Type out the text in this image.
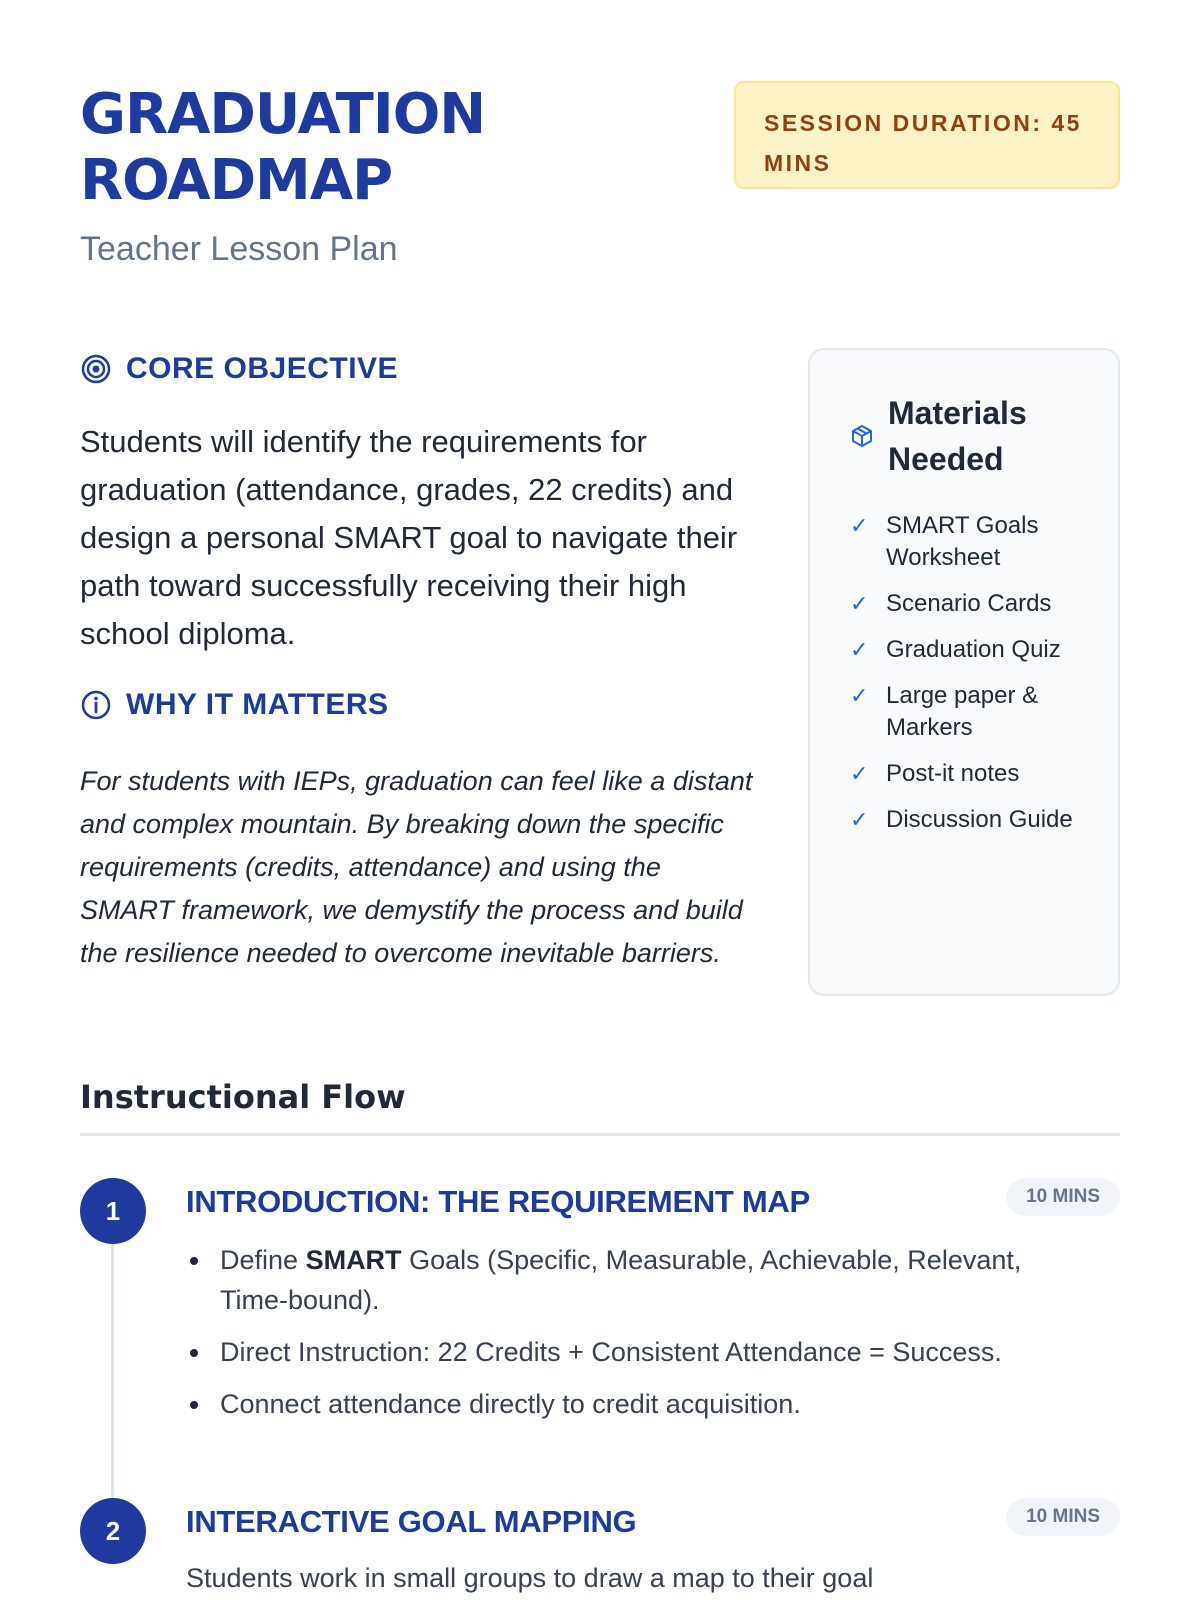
GRADUATION ROADMAP
Teacher Lesson Plan
SESSION DURATION: 45 MINS
CORE OBJECTIVE
Students will identify the requirements for graduation (attendance, grades, 22 credits) and design a personal SMART goal to navigate their path toward successfully receiving their high school diploma.
WHY IT MATTERS
For students with IEPs, graduation can feel like a distant and complex mountain. By breaking down the specific requirements (credits, attendance) and using the SMART framework, we demystify the process and build the resilience needed to overcome inevitable barriers.
Materials Needed
✓ SMART Goals Worksheet
✓ Scenario Cards
✓ Graduation Quiz
✓ Large paper & Markers
✓ Post-it notes
✓ Discussion Guide
Instructional Flow
1	INTRODUCTION: THE REQUIREMENT MAP	10 MINS
Define SMART Goals (Specific, Measurable, Achievable, Relevant, Time-bound).
Direct Instruction: 22 Credits + Consistent Attendance = Success.
Connect attendance directly to credit acquisition.
2	INTERACTIVE GOAL MAPPING	10 MINS
Students work in small groups to draw a map to their goal
